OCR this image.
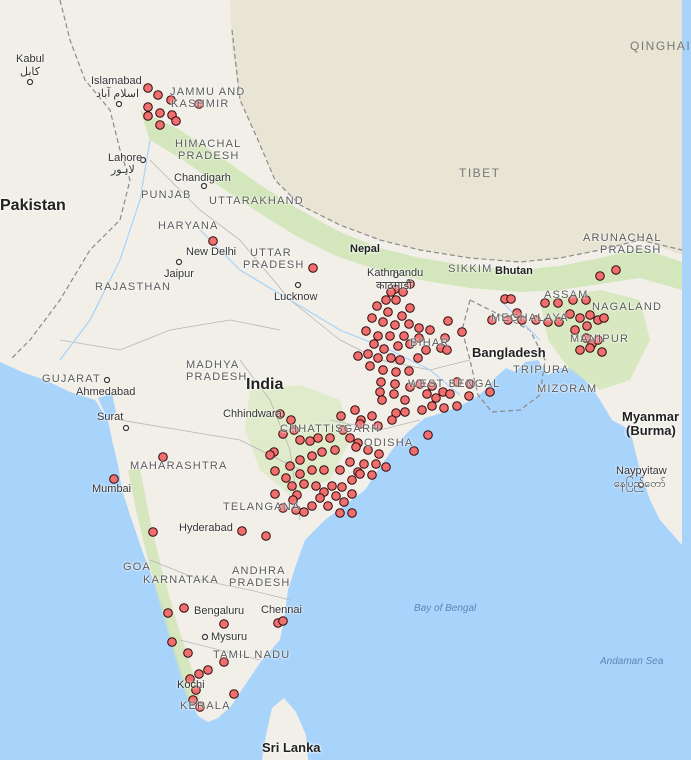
Pakistan
India
Nepal
Bhutan
Bangladesh
Myanmar
(Burma)
Sri Lanka
TIBET
QINGHAI
JAMMU AND
KASHMIR
HIMACHAL
PRADESH
PUNJAB UTTARAKHAND
HARYANA
UTTAR
PRADESH
RAJASTHAN
GUJARAT
MADHYA
PRADESH
CHHATTISGARH
BIHAR
SIKKIM
WEST BENGAL
ODISHA
MAHARASHTRA
TELANGANA
GOA
KARNATAKA
ANDHRA
PRADESH
TAMIL NADU
KERALA
ASSAM
ARUNACHAL
PRADESH
MEGHALAYA
NAGALAND
MANIPUR
TRIPURA
MIZORAM
Kabul
کابل
Islamabad
اسلام آباد
Lahore
لاہور
Chandigarh
New Delhi
Jaipur
Lucknow
Kathmandu
काठमाडौं
Ahmedabad
Surat	Chhindwara
Mumbai
Hyderabad
Bengaluru Chennai
Mysuru
Kochi
Naypyitaw
နေပြည်တော်
Bay of Bengal
Andaman Sea
